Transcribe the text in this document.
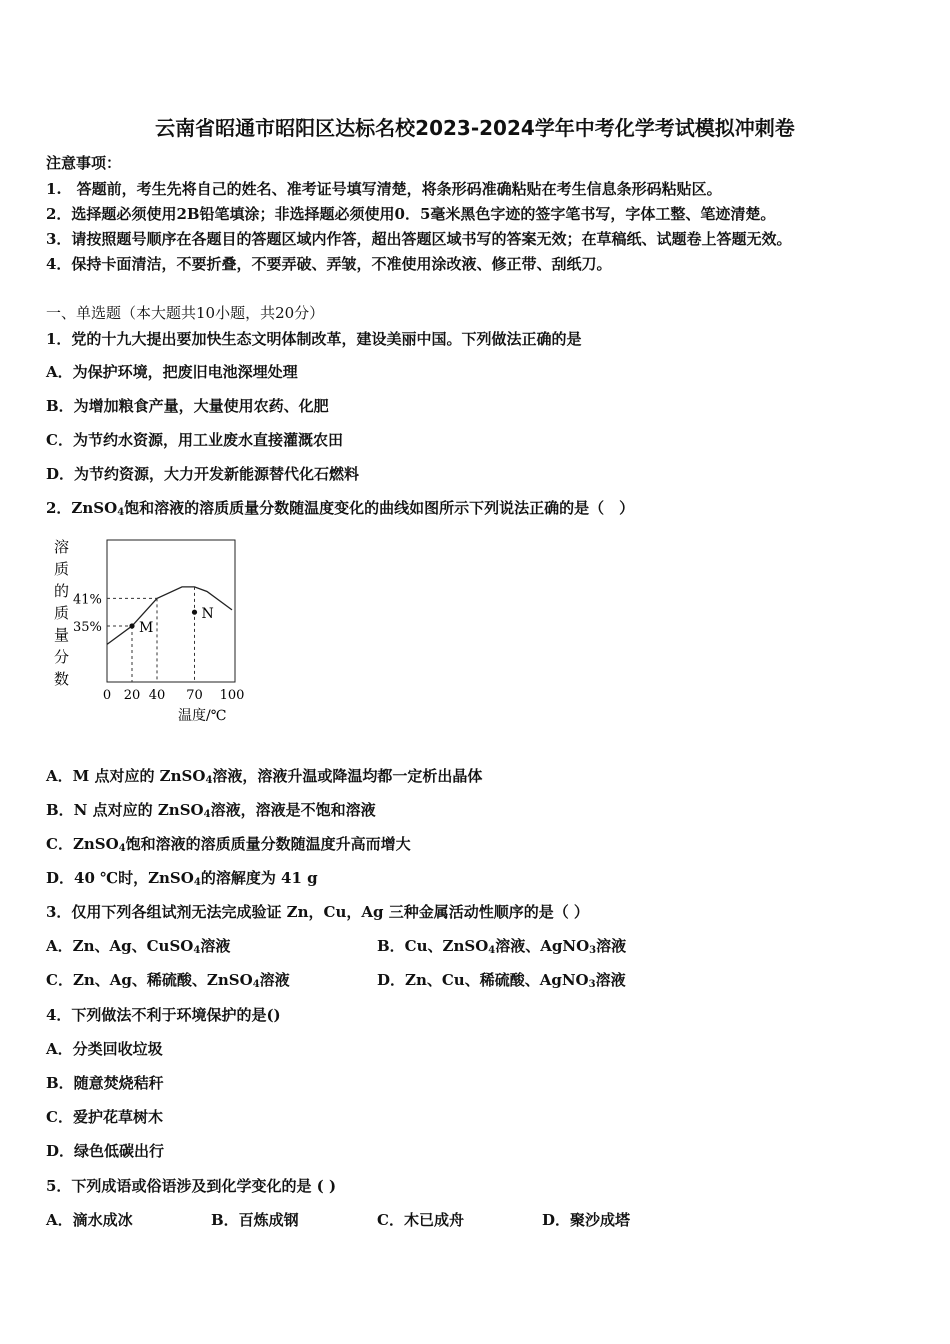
云南省昭通市昭阳区达标名校2023-2024学年中考化学考试模拟冲刺卷
注意事项：
1.　答题前，考生先将自己的姓名、准考证号填写清楚，将条形码准确粘贴在考生信息条形码粘贴区。
2．选择题必须使用2B铅笔填涂；非选择题必须使用0．5毫米黑色字迹的签字笔书写，字体工整、笔迹清楚。
3．请按照题号顺序在各题目的答题区域内作答，超出答题区域书写的答案无效；在草稿纸、试题卷上答题无效。
4．保持卡面清洁，不要折叠，不要弄破、弄皱，不准使用涂改液、修正带、刮纸刀。
一、单选题（本大题共10小题，共20分）
1．党的十九大提出要加快生态文明体制改革，建设美丽中国。下列做法正确的是
A．为保护环境，把废旧电池深埋处理
B．为增加粮食产量，大量使用农药、化肥
C．为节约水资源，用工业废水直接灌溉农田
D．为节约资源，大力开发新能源替代化石燃料
2．ZnSO$_4$饱和溶液的溶质质量分数随温度变化的曲线如图所示下列说法正确的是（　）
溶
质
的
质
量
分
数
35%
41%
M
N
0 20 40 70 100
温度/℃
A．M 点对应的 ZnSO$_4$溶液，溶液升温或降温均都一定析出晶体
B．N 点对应的 ZnSO$_4$溶液，溶液是不饱和溶液
C．ZnSO$_4$饱和溶液的溶质质量分数随温度升高而增大
D．40 ℃时，ZnSO$_4$的溶解度为 41 g
3．仅用下列各组试剂无法完成验证 Zn，Cu，Ag 三种金属活动性顺序的是（ ）
A．Zn、Ag、CuSO$_4$溶液	B．Cu、ZnSO$_4$溶液、AgNO$_3$溶液
C．Zn、Ag、稀硫酸、ZnSO$_4$溶液	D．Zn、Cu、稀硫酸、AgNO$_3$溶液
4．下列做法不利于环境保护的是()
A．分类回收垃圾
B．随意焚烧秸秆
C．爱护花草树木
D．绿色低碳出行
5．下列成语或俗语涉及到化学变化的是 ( )
A．滴水成冰	B．百炼成钢	C．木已成舟	D．聚沙成塔
